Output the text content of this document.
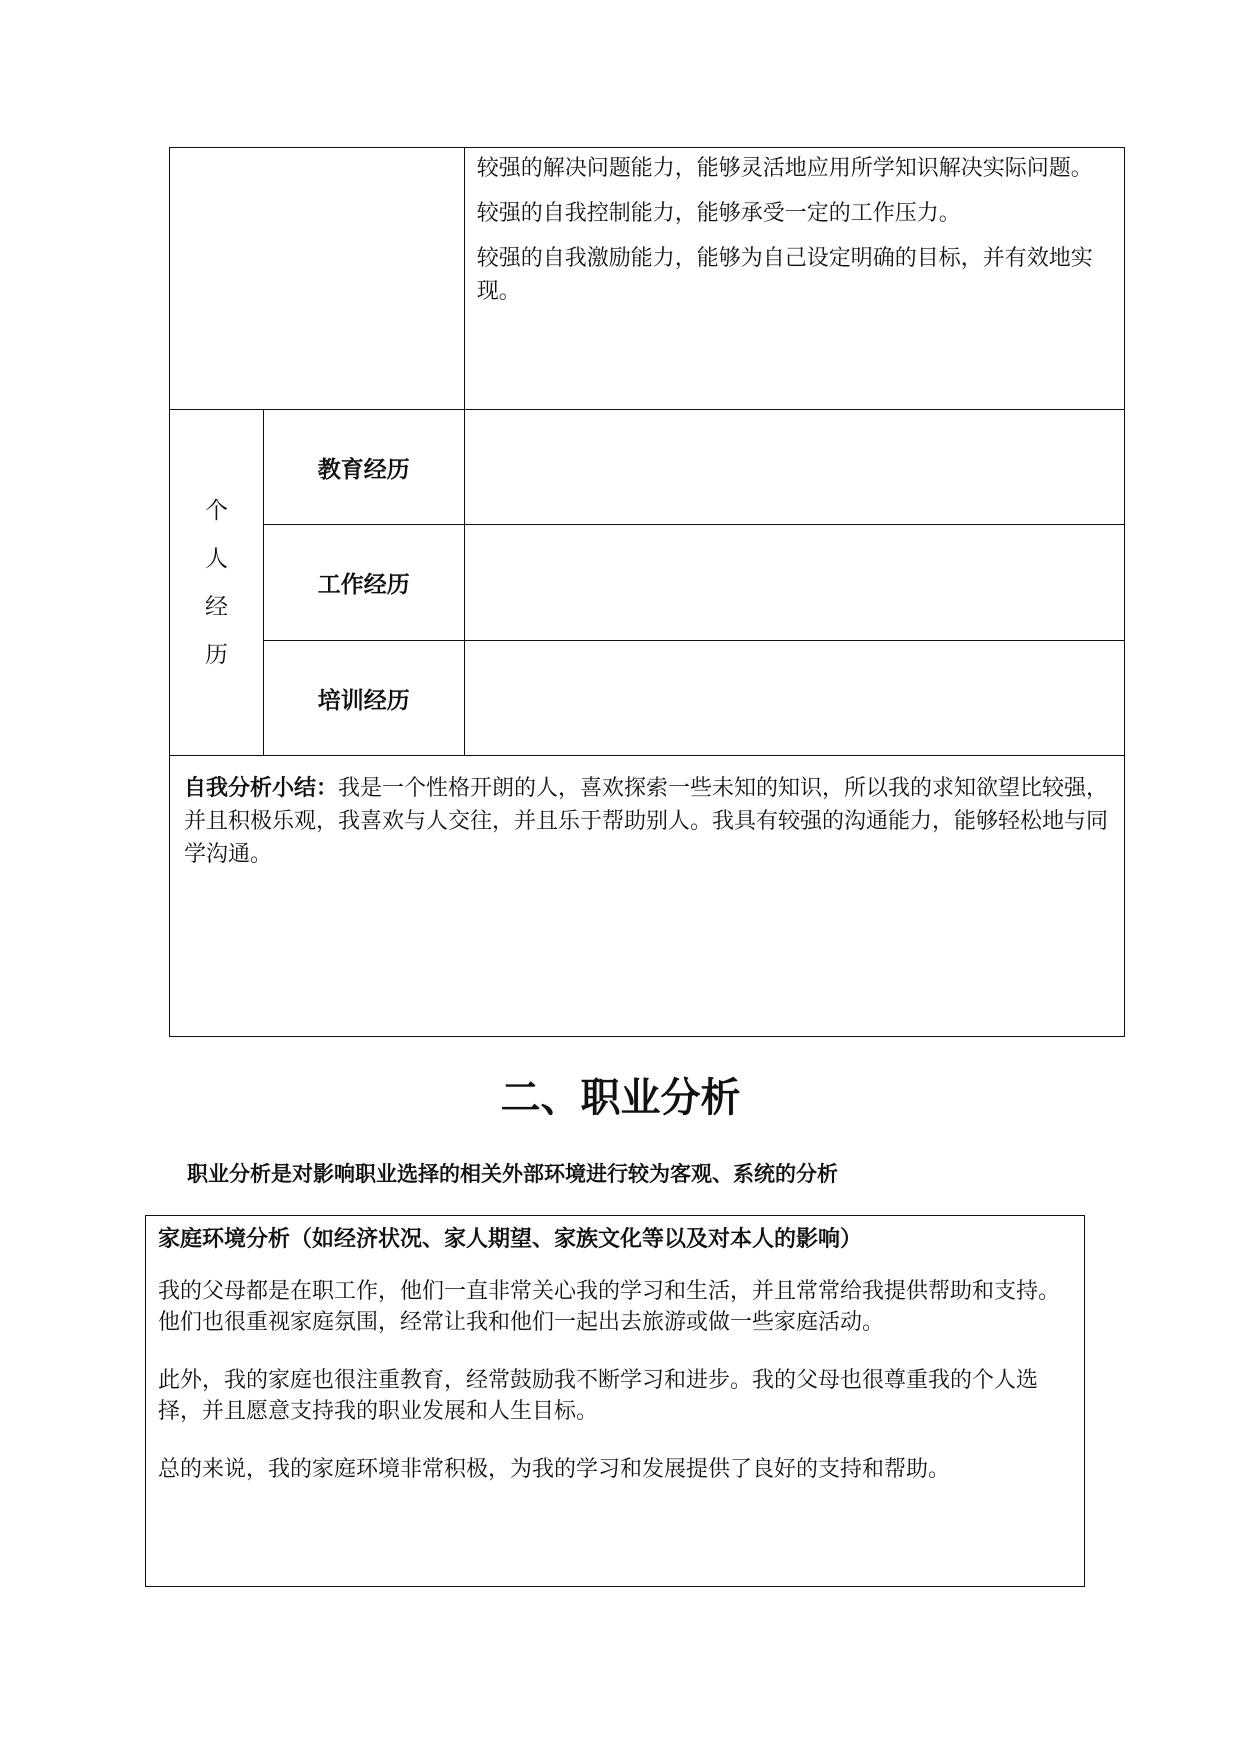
		较强的解决问题能力，能够灵活地应用所学知识解决实际问题。

较强的自我控制能力，能够承受一定的工作压力。

较强的自我激励能力，能够为自己设定明确的目标，并有效地实现。

个
人
经
历	教育经历	
	工作经历	
	培训经历	
自我分析小结：我是一个性格开朗的人，喜欢探索一些未知的知识，所以我的求知欲望比较强，并且积极乐观，我喜欢与人交往，并且乐于帮助别人。我具有较强的沟通能力，能够轻松地与同学沟通。		
二、职业分析
职业分析是对影响职业选择的相关外部环境进行较为客观、系统的分析
家庭环境分析（如经济状况、家人期望、家族文化等以及对本人的影响）

我的父母都是在职工作，他们一直非常关心我的学习和生活，并且常常给我提供帮助和支持。他们也很重视家庭氛围，经常让我和他们一起出去旅游或做一些家庭活动。

此外，我的家庭也很注重教育，经常鼓励我不断学习和进步。我的父母也很尊重我的个人选择，并且愿意支持我的职业发展和人生目标。

总的来说，我的家庭环境非常积极，为我的学习和发展提供了良好的支持和帮助。
